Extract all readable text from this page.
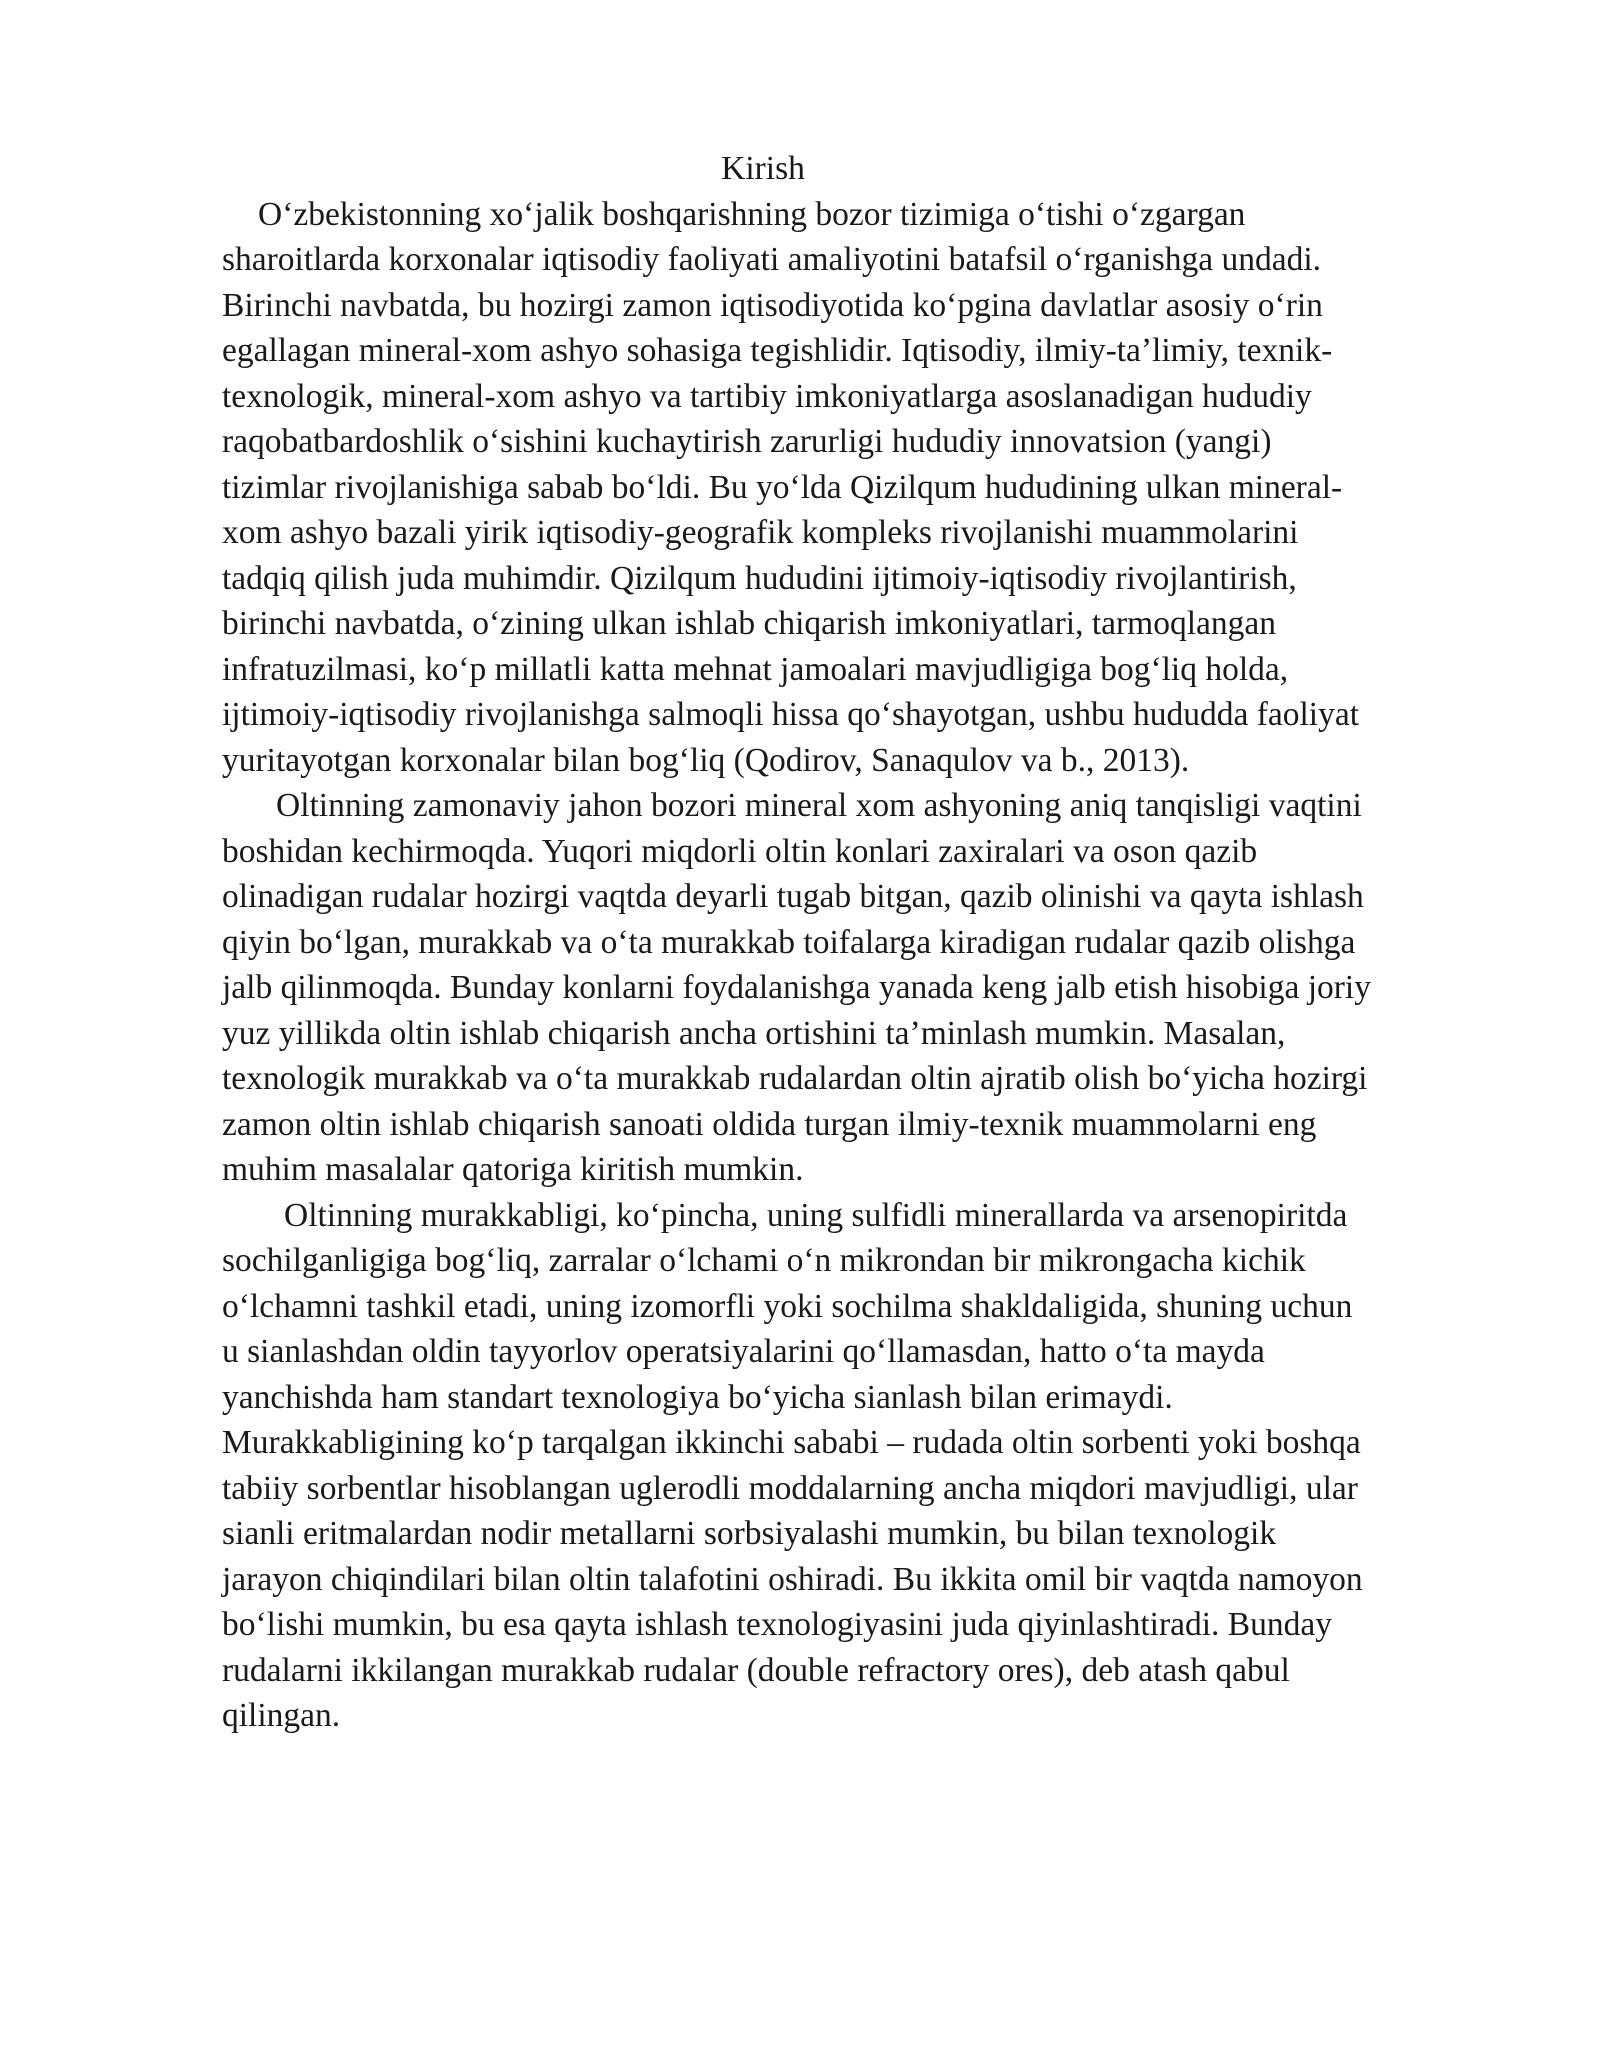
Kirish

Oʻzbekistonning xoʻjalik boshqarishning bozor tizimiga oʻtishi oʻzgargan sharoitlarda korxonalar iqtisodiy faoliyati amaliyotini batafsil oʻrganishga undadi. Birinchi navbatda, bu hozirgi zamon iqtisodiyotida koʻpgina davlatlar asosiy oʻrin egallagan mineral-xom ashyo sohasiga tegishlidir. Iqtisodiy, ilmiy-taʼlimiy, texnik-texnologik, mineral-xom ashyo va tartibiy imkoniyatlarga asoslanadigan hududiy raqobatbardoshlik oʻsishini kuchaytirish zarurligi hududiy innovatsion (yangi) tizimlar rivojlanishiga sabab boʻldi. Bu yoʻlda Qizilqum hududining ulkan mineral-xom ashyo bazali yirik iqtisodiy-geografik kompleks rivojlanishi muammolarini tadqiq qilish juda muhimdir. Qizilqum hududini ijtimoiy-iqtisodiy rivojlantirish, birinchi navbatda, oʻzining ulkan ishlab chiqarish imkoniyatlari, tarmoqlangan infratuzilmasi, koʻp millatli katta mehnat jamoalari mavjudligiga bogʻliq holda, ijtimoiy-iqtisodiy rivojlanishga salmoqli hissa qoʻshayotgan, ushbu hududda faoliyat yuritayotgan korxonalar bilan bogʻliq (Qodirov, Sanaqulov va b., 2013).

Oltinning zamonaviy jahon bozori mineral xom ashyoning aniq tanqisligi vaqtini boshidan kechirmoqda. Yuqori miqdorli oltin konlari zaxiralari va oson qazib olinadigan rudalar hozirgi vaqtda deyarli tugab bitgan, qazib olinishi va qayta ishlash qiyin boʻlgan, murakkab va oʻta murakkab toifalarga kiradigan rudalar qazib olishga jalb qilinmoqda. Bunday konlarni foydalanishga yanada keng jalb etish hisobiga joriy yuz yillikda oltin ishlab chiqarish ancha ortishini taʼminlash mumkin. Masalan, texnologik murakkab va oʻta murakkab rudalardan oltin ajratib olish boʻyicha hozirgi zamon oltin ishlab chiqarish sanoati oldida turgan ilmiy-texnik muammolarni eng muhim masalalar qatoriga kiritish mumkin.

Oltinning murakkabligi, koʻpincha, uning sulfidli minerallarda va arsenopiritda sochilganligiga bogʻliq, zarralar oʻlchami oʻn mikrondan bir mikrongacha kichik oʻlchamni tashkil etadi, uning izomorfli yoki sochilma shakldaligida, shuning uchun u sianlashdan oldin tayyorlov operatsiyalarini qoʻllamasdan, hatto oʻta mayda yanchishda ham standart texnologiya boʻyicha sianlash bilan erimaydi. Murakkabligining koʻp tarqalgan ikkinchi sababi – rudada oltin sorbenti yoki boshqa tabiiy sorbentlar hisoblangan uglerodli moddalarning ancha miqdori mavjudligi, ular sianli eritmalardan nodir metallarni sorbsiyalashi mumkin, bu bilan texnologik jarayon chiqindilari bilan oltin talafotini oshiradi. Bu ikkita omil bir vaqtda namoyon boʻlishi mumkin, bu esa qayta ishlash texnologiyasini juda qiyinlashtiradi. Bunday rudalarni ikkilangan murakkab rudalar (double refractory ores), deb atash qabul qilingan.
